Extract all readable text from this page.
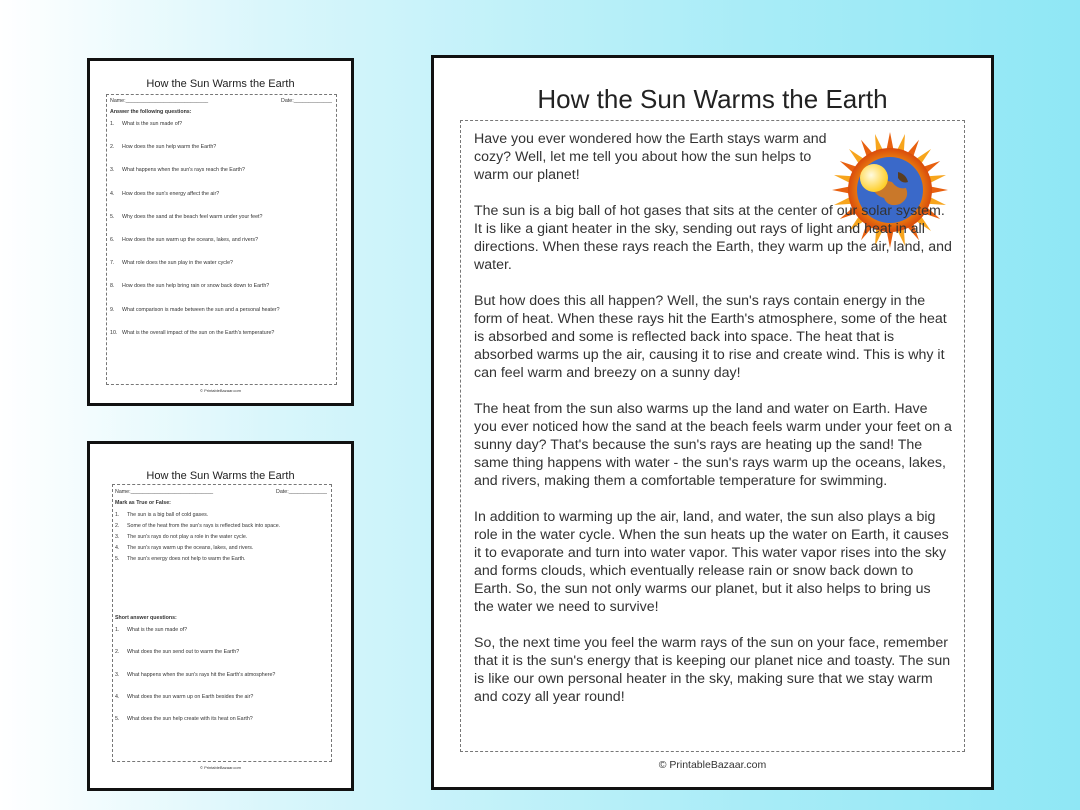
How the Sun Warms the Earth
Name:____________________________	Date:_____________
Answer the following questions:
1.	What is the sun made of?
2.	How does the sun help warm the Earth?
3.	What happens when the sun's rays reach the Earth?
4.	How does the sun's energy affect the air?
5.	Why does the sand at the beach feel warm under your feet?
6.	How does the sun warm up the oceans, lakes, and rivers?
7.	What role does the sun play in the water cycle?
8.	How does the sun help bring rain or snow back down to Earth?
9.	What comparison is made between the sun and a personal heater?
10. What is the overall impact of the sun on the Earth's temperature?
© PrintableBazaar.com
How the Sun Warms the Earth
Name:____________________________	Date:_____________
Mark as True or False:
1.	The sun is a big ball of cold gases.
2.	Some of the heat from the sun's rays is reflected back into space.
3.	The sun's rays do not play a role in the water cycle.
4.	The sun's rays warm up the oceans, lakes, and rivers.
5.	The sun's energy does not help to warm the Earth.
Short answer questions:
1.	What is the sun made of?
2.	What does the sun send out to warm the Earth?
3.	What happens when the sun's rays hit the Earth's atmosphere?
4.	What does the sun warm up on Earth besides the air?
5.	What does the sun help create with its heat on Earth?
© PrintableBazaar.com
How the Sun Warms the Earth

Have you ever wondered how the Earth stays warm and cozy? Well, let me tell you about how the sun helps to warm our planet!

The sun is a big ball of hot gases that sits at the center of our solar system. It is like a giant heater in the sky, sending out rays of light and heat in all directions. When these rays reach the Earth, they warm up the air, land, and water.

But how does this all happen? Well, the sun's rays contain energy in the form of heat. When these rays hit the Earth's atmosphere, some of the heat is absorbed and some is reflected back into space. The heat that is absorbed warms up the air, causing it to rise and create wind. This is why it can feel warm and breezy on a sunny day!

The heat from the sun also warms up the land and water on Earth. Have you ever noticed how the sand at the beach feels warm under your feet on a sunny day? That's because the sun's rays are heating up the sand! The same thing happens with water - the sun's rays warm up the oceans, lakes, and rivers, making them a comfortable temperature for swimming.

In addition to warming up the air, land, and water, the sun also plays a big role in the water cycle. When the sun heats up the water on Earth, it causes it to evaporate and turn into water vapor. This water vapor rises into the sky and forms clouds, which eventually release rain or snow back down to Earth. So, the sun not only warms our planet, but it also helps to bring us the water we need to survive!

So, the next time you feel the warm rays of the sun on your face, remember that it is the sun's energy that is keeping our planet nice and toasty. The sun is like our own personal heater in the sky, making sure that we stay warm and cozy all year round!

© PrintableBazaar.com
